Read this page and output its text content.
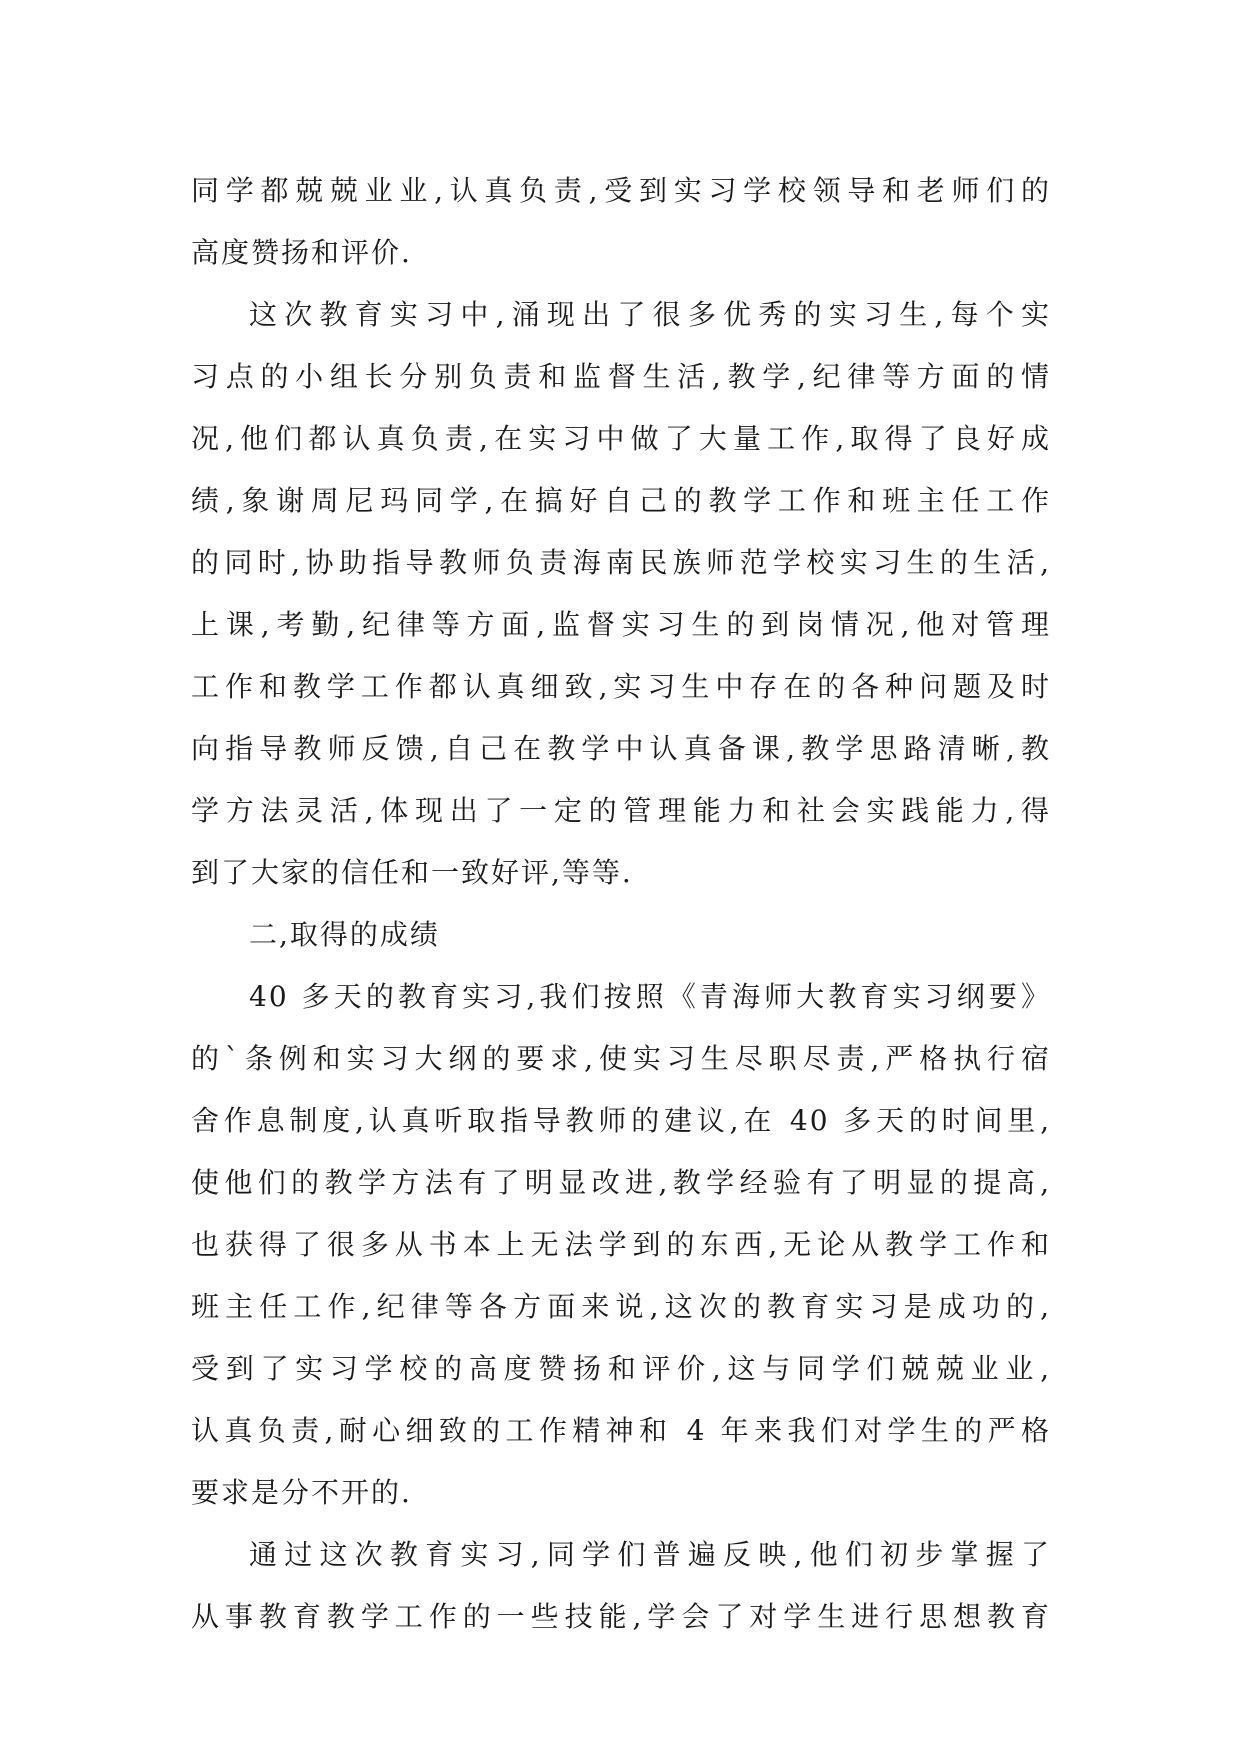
同学都兢兢业业,认真负责,受到实习学校领导和老师们的
高度赞扬和评价.
这次教育实习中,涌现出了很多优秀的实习生,每个实
习点的小组长分别负责和监督生活,教学,纪律等方面的情
况,他们都认真负责,在实习中做了大量工作,取得了良好成
绩,象谢周尼玛同学,在搞好自己的教学工作和班主任工作
的同时,协助指导教师负责海南民族师范学校实习生的生活,
上课,考勤,纪律等方面,监督实习生的到岗情况,他对管理
工作和教学工作都认真细致,实习生中存在的各种问题及时
向指导教师反馈,自己在教学中认真备课,教学思路清晰,教
学方法灵活,体现出了一定的管理能力和社会实践能力,得
到了大家的信任和一致好评,等等.
二,取得的成绩
40 多天的教育实习,我们按照《青海师大教育实习纲要》
的`条例和实习大纲的要求,使实习生尽职尽责,严格执行宿
舍作息制度,认真听取指导教师的建议,在 40 多天的时间里,
使他们的教学方法有了明显改进,教学经验有了明显的提高,
也获得了很多从书本上无法学到的东西,无论从教学工作和
班主任工作,纪律等各方面来说,这次的教育实习是成功的,
受到了实习学校的高度赞扬和评价,这与同学们兢兢业业,
认真负责,耐心细致的工作精神和 4 年来我们对学生的严格
要求是分不开的.
通过这次教育实习,同学们普遍反映,他们初步掌握了
从事教育教学工作的一些技能,学会了对学生进行思想教育
